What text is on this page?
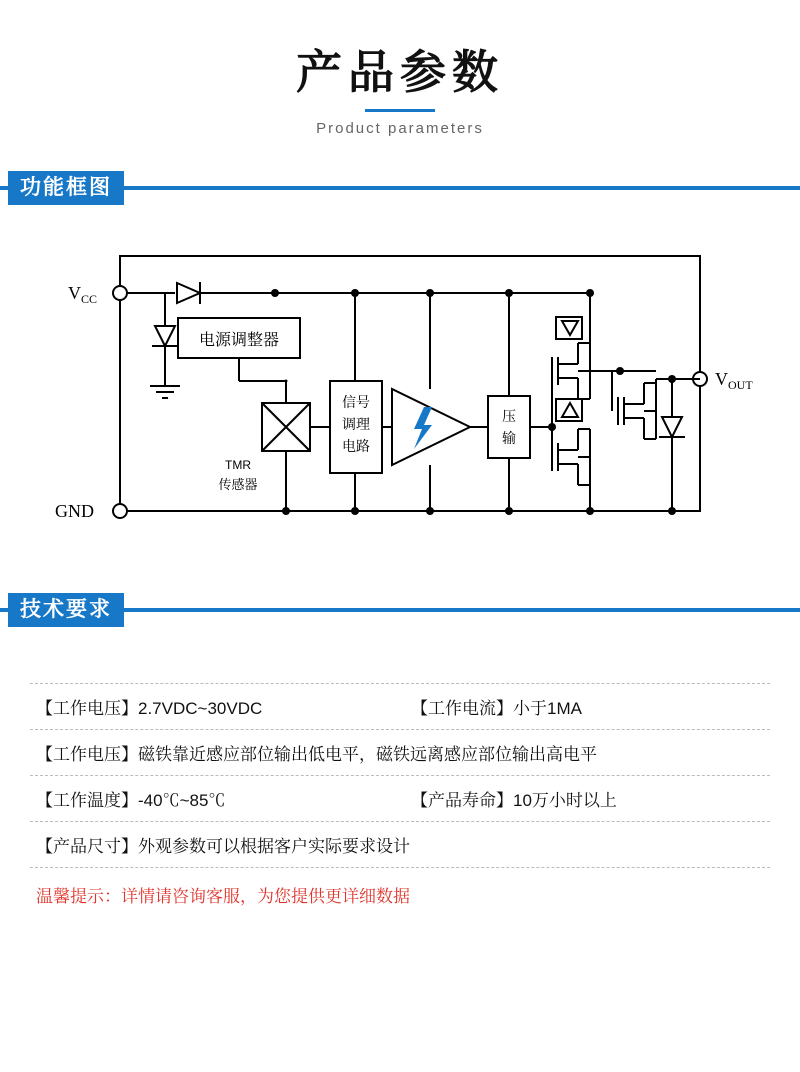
产品参数
Product parameters
功能框图
$V_{CC}$
GND
$V_{OUT}$
电源调整器
TMR
传感器
信号
调理
电路
压
输
技术要求
【工作电压】2.7VDC~30VDC	【工作电流】小于1MA
【工作电压】磁铁靠近感应部位输出低电平，磁铁远离感应部位输出高电平
【工作温度】-40℃~85℃	【产品寿命】10万小时以上
【产品尺寸】外观参数可以根据客户实际要求设计
温馨提示：详情请咨询客服，为您提供更详细数据
